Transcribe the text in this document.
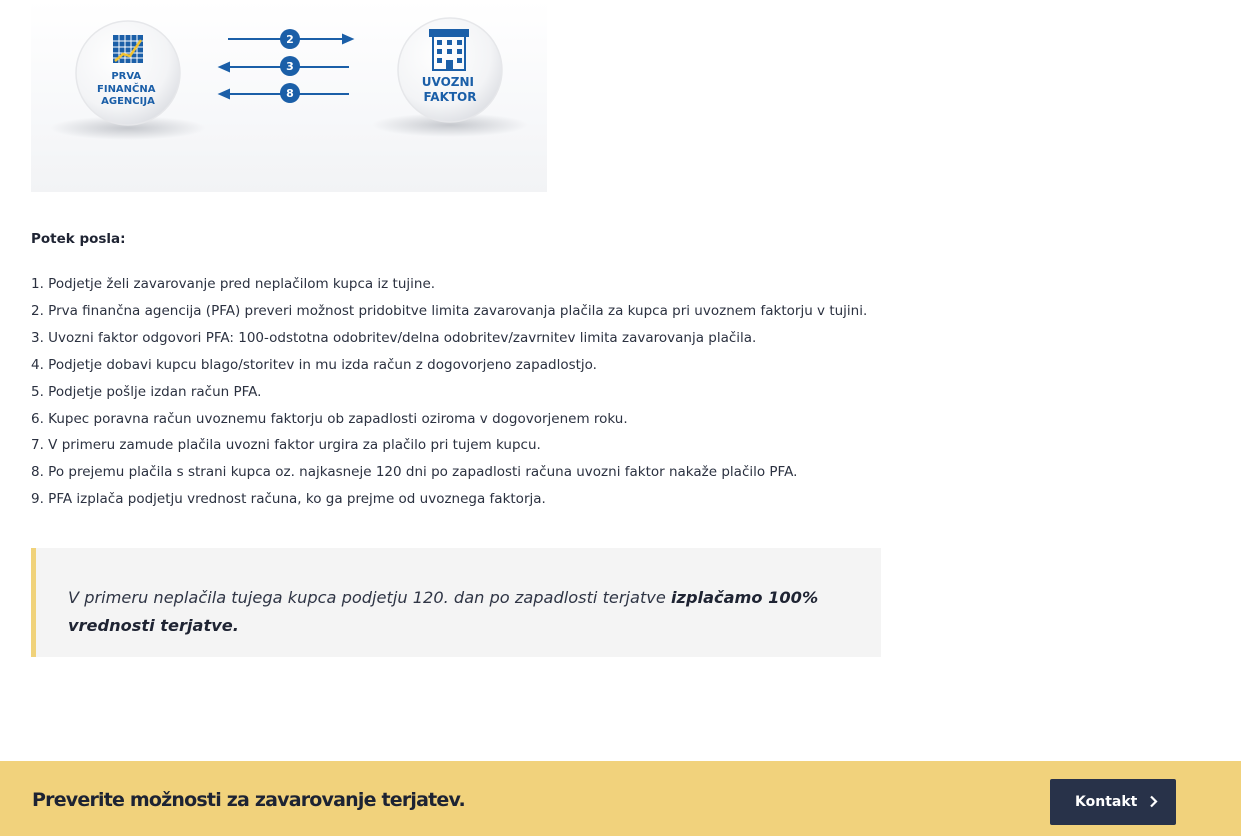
PRVA FINANČNA AGENCIJA
2
3
8
UVOZNI FAKTOR
Potek posla:
1. Podjetje želi zavarovanje pred neplačilom kupca iz tujine.
2. Prva finančna agencija (PFA) preveri možnost pridobitve limita zavarovanja plačila za kupca pri uvoznem faktorju v tujini.
3. Uvozni faktor odgovori PFA: 100-odstotna odobritev/delna odobritev/zavrnitev limita zavarovanja plačila.
4. Podjetje dobavi kupcu blago/storitev in mu izda račun z dogovorjeno zapadlostjo.
5. Podjetje pošlje izdan račun PFA.
6. Kupec poravna račun uvoznemu faktorju ob zapadlosti oziroma v dogovorjenem roku.
7. V primeru zamude plačila uvozni faktor urgira za plačilo pri tujem kupcu.
8. Po prejemu plačila s strani kupca oz. najkasneje 120 dni po zapadlosti računa uvozni faktor nakaže plačilo PFA.
9. PFA izplača podjetju vrednost računa, ko ga prejme od uvoznega faktorja.
V primeru neplačila tujega kupca podjetju 120. dan po zapadlosti terjatve izplačamo 100% vrednosti terjatve.
Preverite možnosti za zavarovanje terjatev.	Kontakt
